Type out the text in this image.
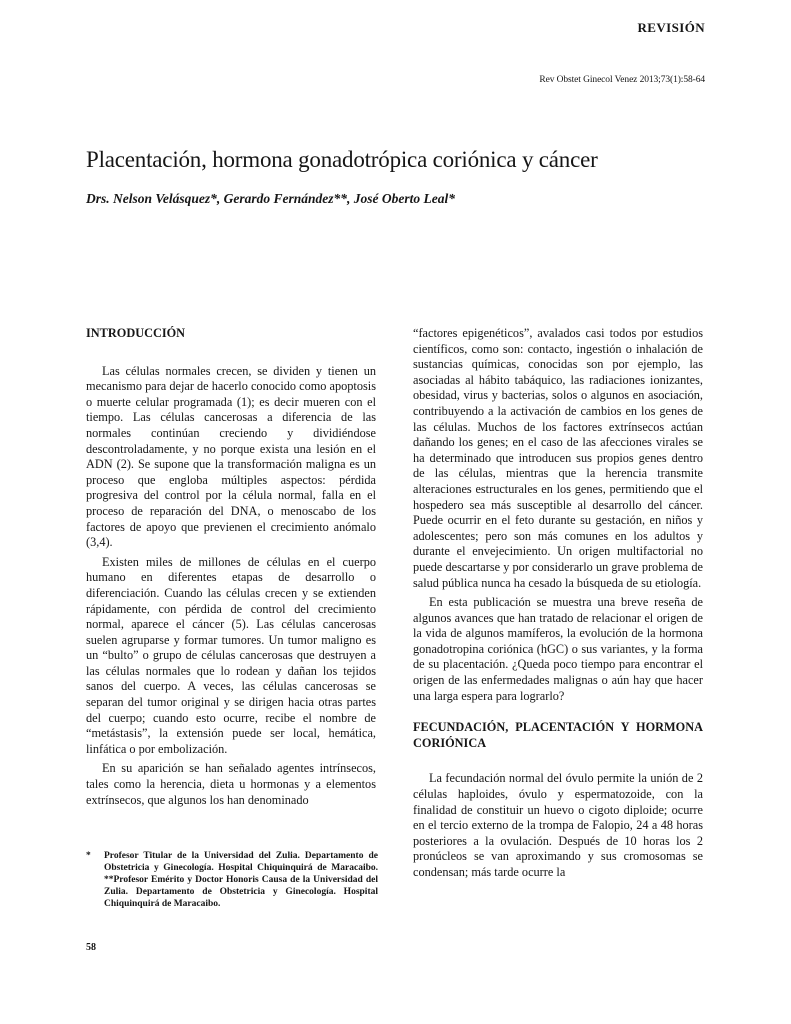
REVISIÓN
Rev Obstet Ginecol Venez 2013;73(1):58-64
Placentación, hormona gonadotrópica coriónica y cáncer

Drs. Nelson Velásquez*, Gerardo Fernández**, José Oberto Leal*

INTRODUCCIÓN

Las células normales crecen, se dividen y tienen un mecanismo para dejar de hacerlo conocido como apoptosis o muerte celular programada (1); es decir mueren con el tiempo. Las células cancerosas a diferencia de las normales continúan creciendo y dividiéndose descontroladamente, y no porque exista una lesión en el ADN (2). Se supone que la transformación maligna es un proceso que engloba múltiples aspectos: pérdida progresiva del control por la célula normal, falla en el proceso de reparación del DNA, o menoscabo de los factores de apoyo que previenen el crecimiento anómalo (3,4).

Existen miles de millones de células en el cuerpo humano en diferentes etapas de desarrollo o diferenciación. Cuando las células crecen y se extienden rápidamente, con pérdida de control del crecimiento normal, aparece el cáncer (5). Las células cancerosas suelen agruparse y formar tumores. Un tumor maligno es un “bulto” o grupo de células cancerosas que destruyen a las células normales que lo rodean y dañan los tejidos sanos del cuerpo. A veces, las células cancerosas se separan del tumor original y se dirigen hacia otras partes del cuerpo; cuando esto ocurre, recibe el nombre de “metástasis”, la extensión puede ser local, hemática, linfática o por embolización.

En su aparición se han señalado agentes intrínsecos, tales como la herencia, dieta u hormonas y a elementos extrínsecos, que algunos los han denominado

“factores epigenéticos”, avalados casi todos por estudios científicos, como son: contacto, ingestión o inhalación de sustancias químicas, conocidas son por ejemplo, las asociadas al hábito tabáquico, las radiaciones ionizantes, obesidad, virus y bacterias, solos o algunos en asociación, contribuyendo a la activación de cambios en los genes de las células. Muchos de los factores extrínsecos actúan dañando los genes; en el caso de las afecciones virales se ha determinado que introducen sus propios genes dentro de las células, mientras que la herencia transmite alteraciones estructurales en los genes, permitiendo que el hospedero sea más susceptible al desarrollo del cáncer. Puede ocurrir en el feto durante su gestación, en niños y adolescentes; pero son más comunes en los adultos y durante el envejecimiento. Un origen multifactorial no puede descartarse y por considerarlo un grave problema de salud pública nunca ha cesado la búsqueda de su etiología.

En esta publicación se muestra una breve reseña de algunos avances que han tratado de relacionar el origen de la vida de algunos mamíferos, la evolución de la hormona gonadotropina coriónica (hGC) o sus variantes, y la forma de su placentación. ¿Queda poco tiempo para encontrar el origen de las enfermedades malignas o aún hay que hacer una larga espera para lograrlo?

FECUNDACIÓN, PLACENTACIÓN Y HORMONA CORIÓNICA

La fecundación normal del óvulo permite la unión de 2 células haploides, óvulo y espermatozoide, con la finalidad de constituir un huevo o cigoto diploide; ocurre en el tercio externo de la trompa de Falopio, 24 a 48 horas posteriores a la ovulación. Después de 10 horas los 2 pronúcleos se van aproximando y sus cromosomas se condensan; más tarde ocurre la

* Profesor Titular de la Universidad del Zulia. Departamento de Obstetricia y Ginecología. Hospital Chiquinquirá de Maracaibo. **Profesor Emérito y Doctor Honoris Causa de la Universidad del Zulia. Departamento de Obstetricia y Ginecología. Hospital Chiquinquirá de Maracaibo.
58
